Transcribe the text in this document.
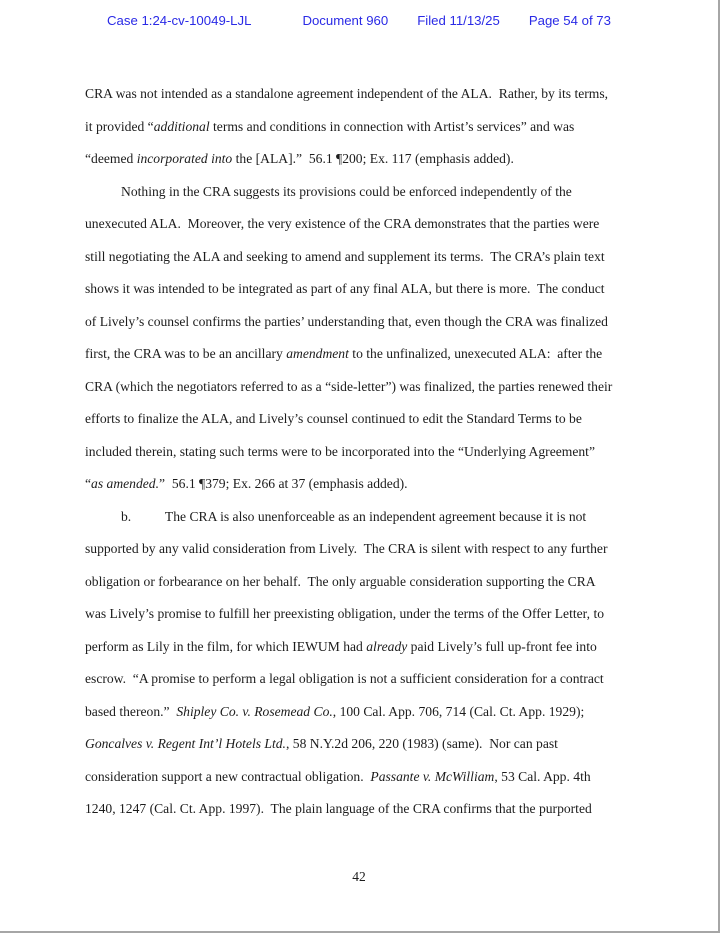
Case 1:24-cv-10049-LJL	Document 960 Filed 11/13/25 Page 54 of 73
CRA was not intended as a standalone agreement independent of the ALA.  Rather, by its terms,
it provided “additional terms and conditions in connection with Artist’s services” and was
“deemed incorporated into the [ALA].”  56.1 ¶200; Ex. 117 (emphasis added).
Nothing in the CRA suggests its provisions could be enforced independently of the
unexecuted ALA.  Moreover, the very existence of the CRA demonstrates that the parties were
still negotiating the ALA and seeking to amend and supplement its terms.  The CRA’s plain text
shows it was intended to be integrated as part of any final ALA, but there is more.  The conduct
of Lively’s counsel confirms the parties’ understanding that, even though the CRA was finalized
first, the CRA was to be an ancillary amendment to the unfinalized, unexecuted ALA:  after the
CRA (which the negotiators referred to as a “side-letter”) was finalized, the parties renewed their
efforts to finalize the ALA, and Lively’s counsel continued to edit the Standard Terms to be
included therein, stating such terms were to be incorporated into the “Underlying Agreement”
“as amended.”  56.1 ¶379; Ex. 266 at 37 (emphasis added).
b.          The CRA is also unenforceable as an independent agreement because it is not
supported by any valid consideration from Lively.  The CRA is silent with respect to any further
obligation or forbearance on her behalf.  The only arguable consideration supporting the CRA
was Lively’s promise to fulfill her preexisting obligation, under the terms of the Offer Letter, to
perform as Lily in the film, for which IEWUM had already paid Lively’s full up-front fee into
escrow.  “A promise to perform a legal obligation is not a sufficient consideration for a contract
based thereon.”  Shipley Co. v. Rosemead Co., 100 Cal. App. 706, 714 (Cal. Ct. App. 1929);
Goncalves v. Regent Int’l Hotels Ltd., 58 N.Y.2d 206, 220 (1983) (same).  Nor can past
consideration support a new contractual obligation.  Passante v. McWilliam, 53 Cal. App. 4th
1240, 1247 (Cal. Ct. App. 1997).  The plain language of the CRA confirms that the purported
42
